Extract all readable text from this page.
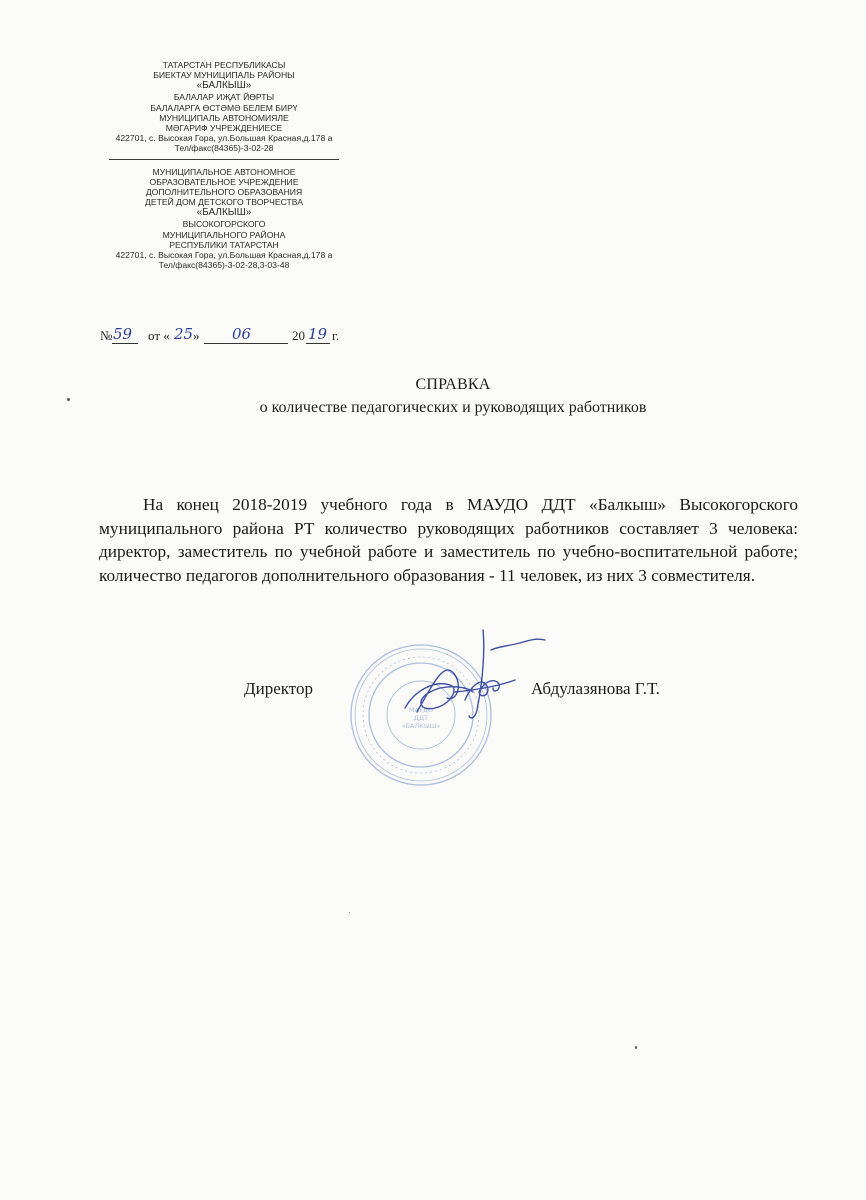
ТАТАРСТАН РЕСПУБЛИКАСЫ
БИЕКТАУ МУНИЦИПАЛЬ РАЙОНЫ
«БАЛКЫШ»
БАЛАЛАР ИҖАТ ЙӨРТЫ
БАЛАЛАРГА ӨСТӘМӘ БЕЛЕМ БИРҮ
МУНИЦИПАЛЬ АВТОНОМИЯЛЕ
МӘГАРИФ УЧРЕЖДЕНИЕСЕ
422701, с. Высокая Гора, ул.Большая Красная,д.178 а
Тел/факс(84365)-3-02-28
МУНИЦИПАЛЬНОЕ АВТОНОМНОЕ
ОБРАЗОВАТЕЛЬНОЕ УЧРЕЖДЕНИЕ
ДОПОЛНИТЕЛЬНОГО ОБРАЗОВАНИЯ
ДЕТЕЙ ДОМ ДЕТСКОГО ТВОРЧЕСТВА
«БАЛКЫШ»
ВЫСОКОГОРСКОГО
МУНИЦИПАЛЬНОГО РАЙОНА
РЕСПУБЛИКИ ТАТАРСТАН
422701, с. Высокая Гора, ул.Большая Красная,д.178 а
Тел/факс(84365)-3-02-28,3-03-48
№ 59 от « 25 » 06	20 19 г.
СПРАВКА
о количестве педагогических и руководящих работников
На конец 2018-2019 учебного года в МАУДО ДДТ «Балкыш» Высокогорского муниципального района РТ количество руководящих работников составляет 3 человека: директор, заместитель по учебной работе и заместитель по учебно-воспитательной работе; количество педагогов дополнительного образования - 11 человек, из них 3 совместителя.
МАУДО
ДДТ
«БАЛКЫШ»
Директор	Абдулазянова Г.Т.
